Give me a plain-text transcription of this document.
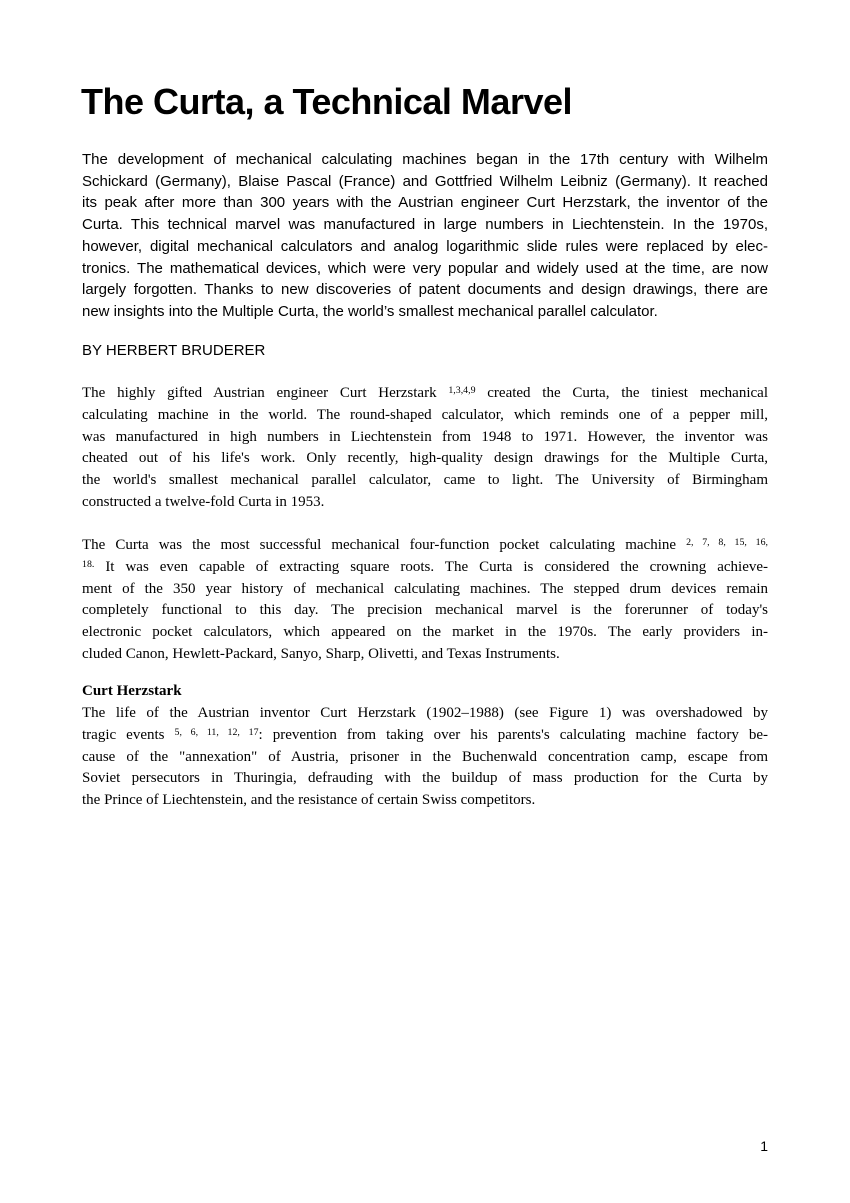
The Curta, a Technical Marvel
The development of mechanical calculating machines began in the 17th century with Wilhelm
Schickard (Germany), Blaise Pascal (France) and Gottfried Wilhelm Leibniz (Germany). It reached
its peak after more than 300 years with the Austrian engineer Curt Herzstark, the inventor of the
Curta. This technical marvel was manufactured in large numbers in Liechtenstein. In the 1970s,
however, digital mechanical calculators and analog logarithmic slide rules were replaced by elec-
tronics. The mathematical devices, which were very popular and widely used at the time, are now
largely forgotten. Thanks to new discoveries of patent documents and design drawings, there are
new insights into the Multiple Curta, the world’s smallest mechanical parallel calculator.
BY HERBERT BRUDERER
The highly gifted Austrian engineer Curt Herzstark $^{1,3,4,9}$ created the Curta, the tiniest mechanical
calculating machine in the world. The round-shaped calculator, which reminds one of a pepper mill,
was manufactured in high numbers in Liechtenstein from 1948 to 1971. However, the inventor was
cheated out of his life's work. Only recently, high-quality design drawings for the Multiple Curta,
the world's smallest mechanical parallel calculator, came to light. The University of Birmingham
constructed a twelve-fold Curta in 1953.
The Curta was the most successful mechanical four-function pocket calculating machine $^{2, 7, 8, 15, 16,}$
$^{18.}$ It was even capable of extracting square roots. The Curta is considered the crowning achieve-
ment of the 350 year history of mechanical calculating machines. The stepped drum devices remain
completely functional to this day. The precision mechanical marvel is the forerunner of today's
electronic pocket calculators, which appeared on the market in the 1970s. The early providers in-
cluded Canon, Hewlett-Packard, Sanyo, Sharp, Olivetti, and Texas Instruments.
Curt Herzstark
The life of the Austrian inventor Curt Herzstark (1902–1988) (see Figure 1) was overshadowed by
tragic events $^{5, 6, 11, 12, 17}$: prevention from taking over his parents's calculating machine factory be-
cause of the "annexation" of Austria, prisoner in the Buchenwald concentration camp, escape from
Soviet persecutors in Thuringia, defrauding with the buildup of mass production for the Curta by
the Prince of Liechtenstein, and the resistance of certain Swiss competitors.
1
